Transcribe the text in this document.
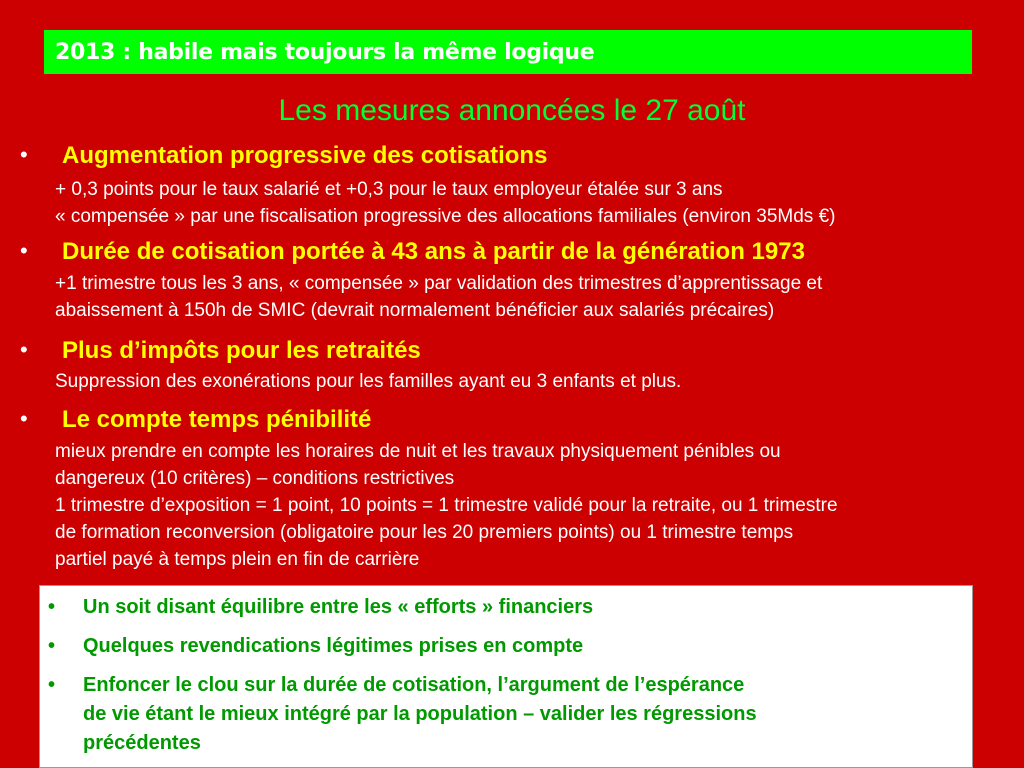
2013 : habile mais toujours la même logique
Les mesures annoncées le 27 août
• Augmentation progressive des cotisations
+ 0,3 points pour le taux salarié et +0,3 pour le taux employeur étalée sur 3 ans
« compensée » par une fiscalisation progressive des allocations familiales (environ 35Mds €)
• Durée de cotisation portée à 43 ans à partir de la génération 1973
+1 trimestre tous les 3 ans, « compensée » par validation des trimestres d’apprentissage et
abaissement à 150h de SMIC (devrait normalement bénéficier aux salariés précaires)
• Plus d’impôts pour les retraités
Suppression des exonérations pour les familles ayant eu 3 enfants et plus.
• Le compte temps pénibilité
mieux prendre en compte les horaires de nuit et les travaux physiquement pénibles ou
dangereux (10 critères) – conditions restrictives
1 trimestre d’exposition = 1 point, 10 points = 1 trimestre validé pour la retraite, ou 1 trimestre
de formation reconversion (obligatoire pour les 20 premiers points) ou 1 trimestre temps
partiel payé à temps plein en fin de carrière
• Un soit disant équilibre entre les « efforts » financiers
• Quelques revendications légitimes prises en compte
• Enfoncer le clou sur la durée de cotisation, l’argument de l’espérance
de vie étant le mieux intégré par la population – valider les régressions
précédentes
